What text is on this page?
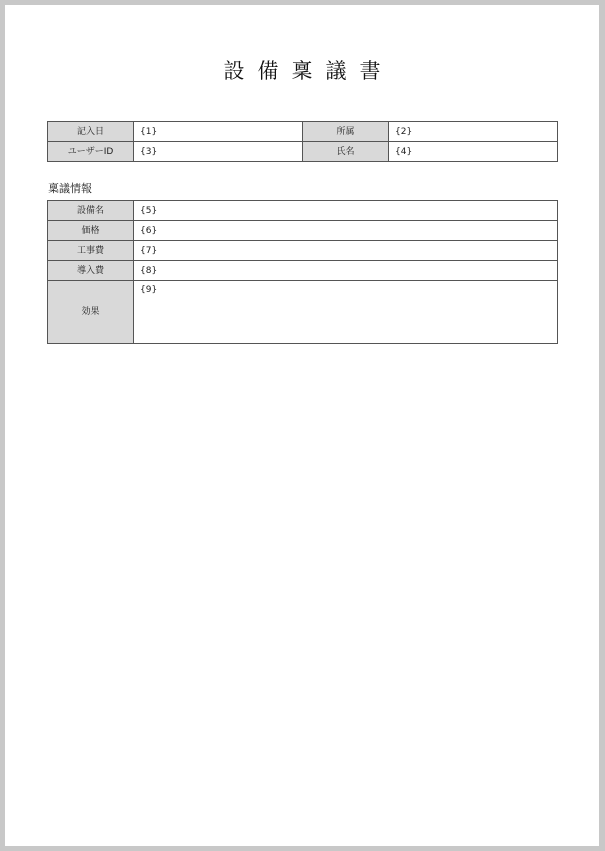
設備稟議書
記入日	{1}	所属	{2}
ユーザーID	{3}	氏名	{4}
稟議情報
設備名	{5}
価格	{6}
工事費	{7}
導入費	{8}
効果	{9}
